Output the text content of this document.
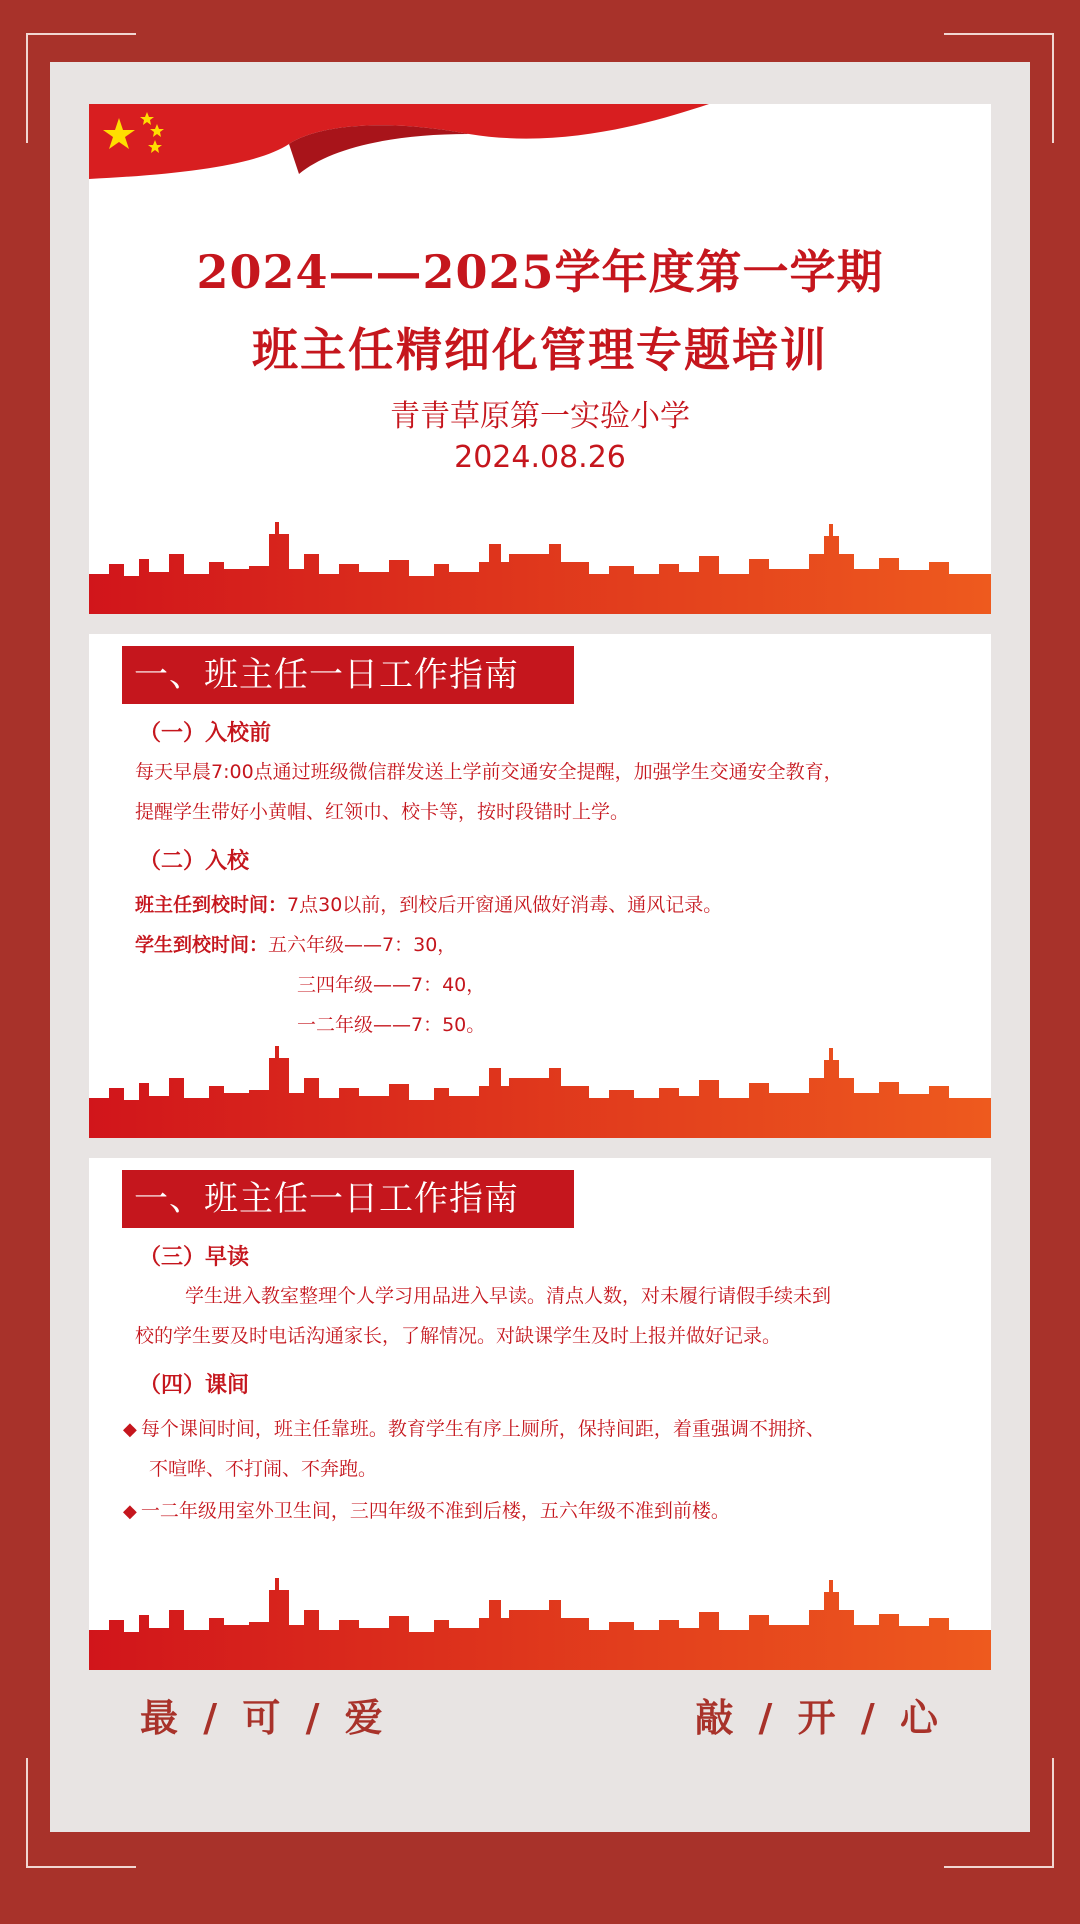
2024——2025学年度第一学期
班主任精细化管理专题培训
青青草原第一实验小学
2024.08.26
一、班主任一日工作指南
（一）入校前
每天早晨7:00点通过班级微信群发送上学前交通安全提醒，加强学生交通安全教育，
提醒学生带好小黄帽、红领巾、校卡等，按时段错时上学。
（二）入校
班主任到校时间：7点30以前，到校后开窗通风做好消毒、通风记录。
学生到校时间：五六年级——7：30，
三四年级——7：40，
一二年级——7：50。
一、班主任一日工作指南
（三）早读
学生进入教室整理个人学习用品进入早读。清点人数，对未履行请假手续未到
校的学生要及时电话沟通家长，了解情况。对缺课学生及时上报并做好记录。
（四）课间
◆ 每个课间时间，班主任靠班。教育学生有序上厕所，保持间距，着重强调不拥挤、
不喧哗、不打闹、不奔跑。
◆ 一二年级用室外卫生间，三四年级不准到后楼，五六年级不准到前楼。
最 / 可 / 爱	敲 / 开 / 心
